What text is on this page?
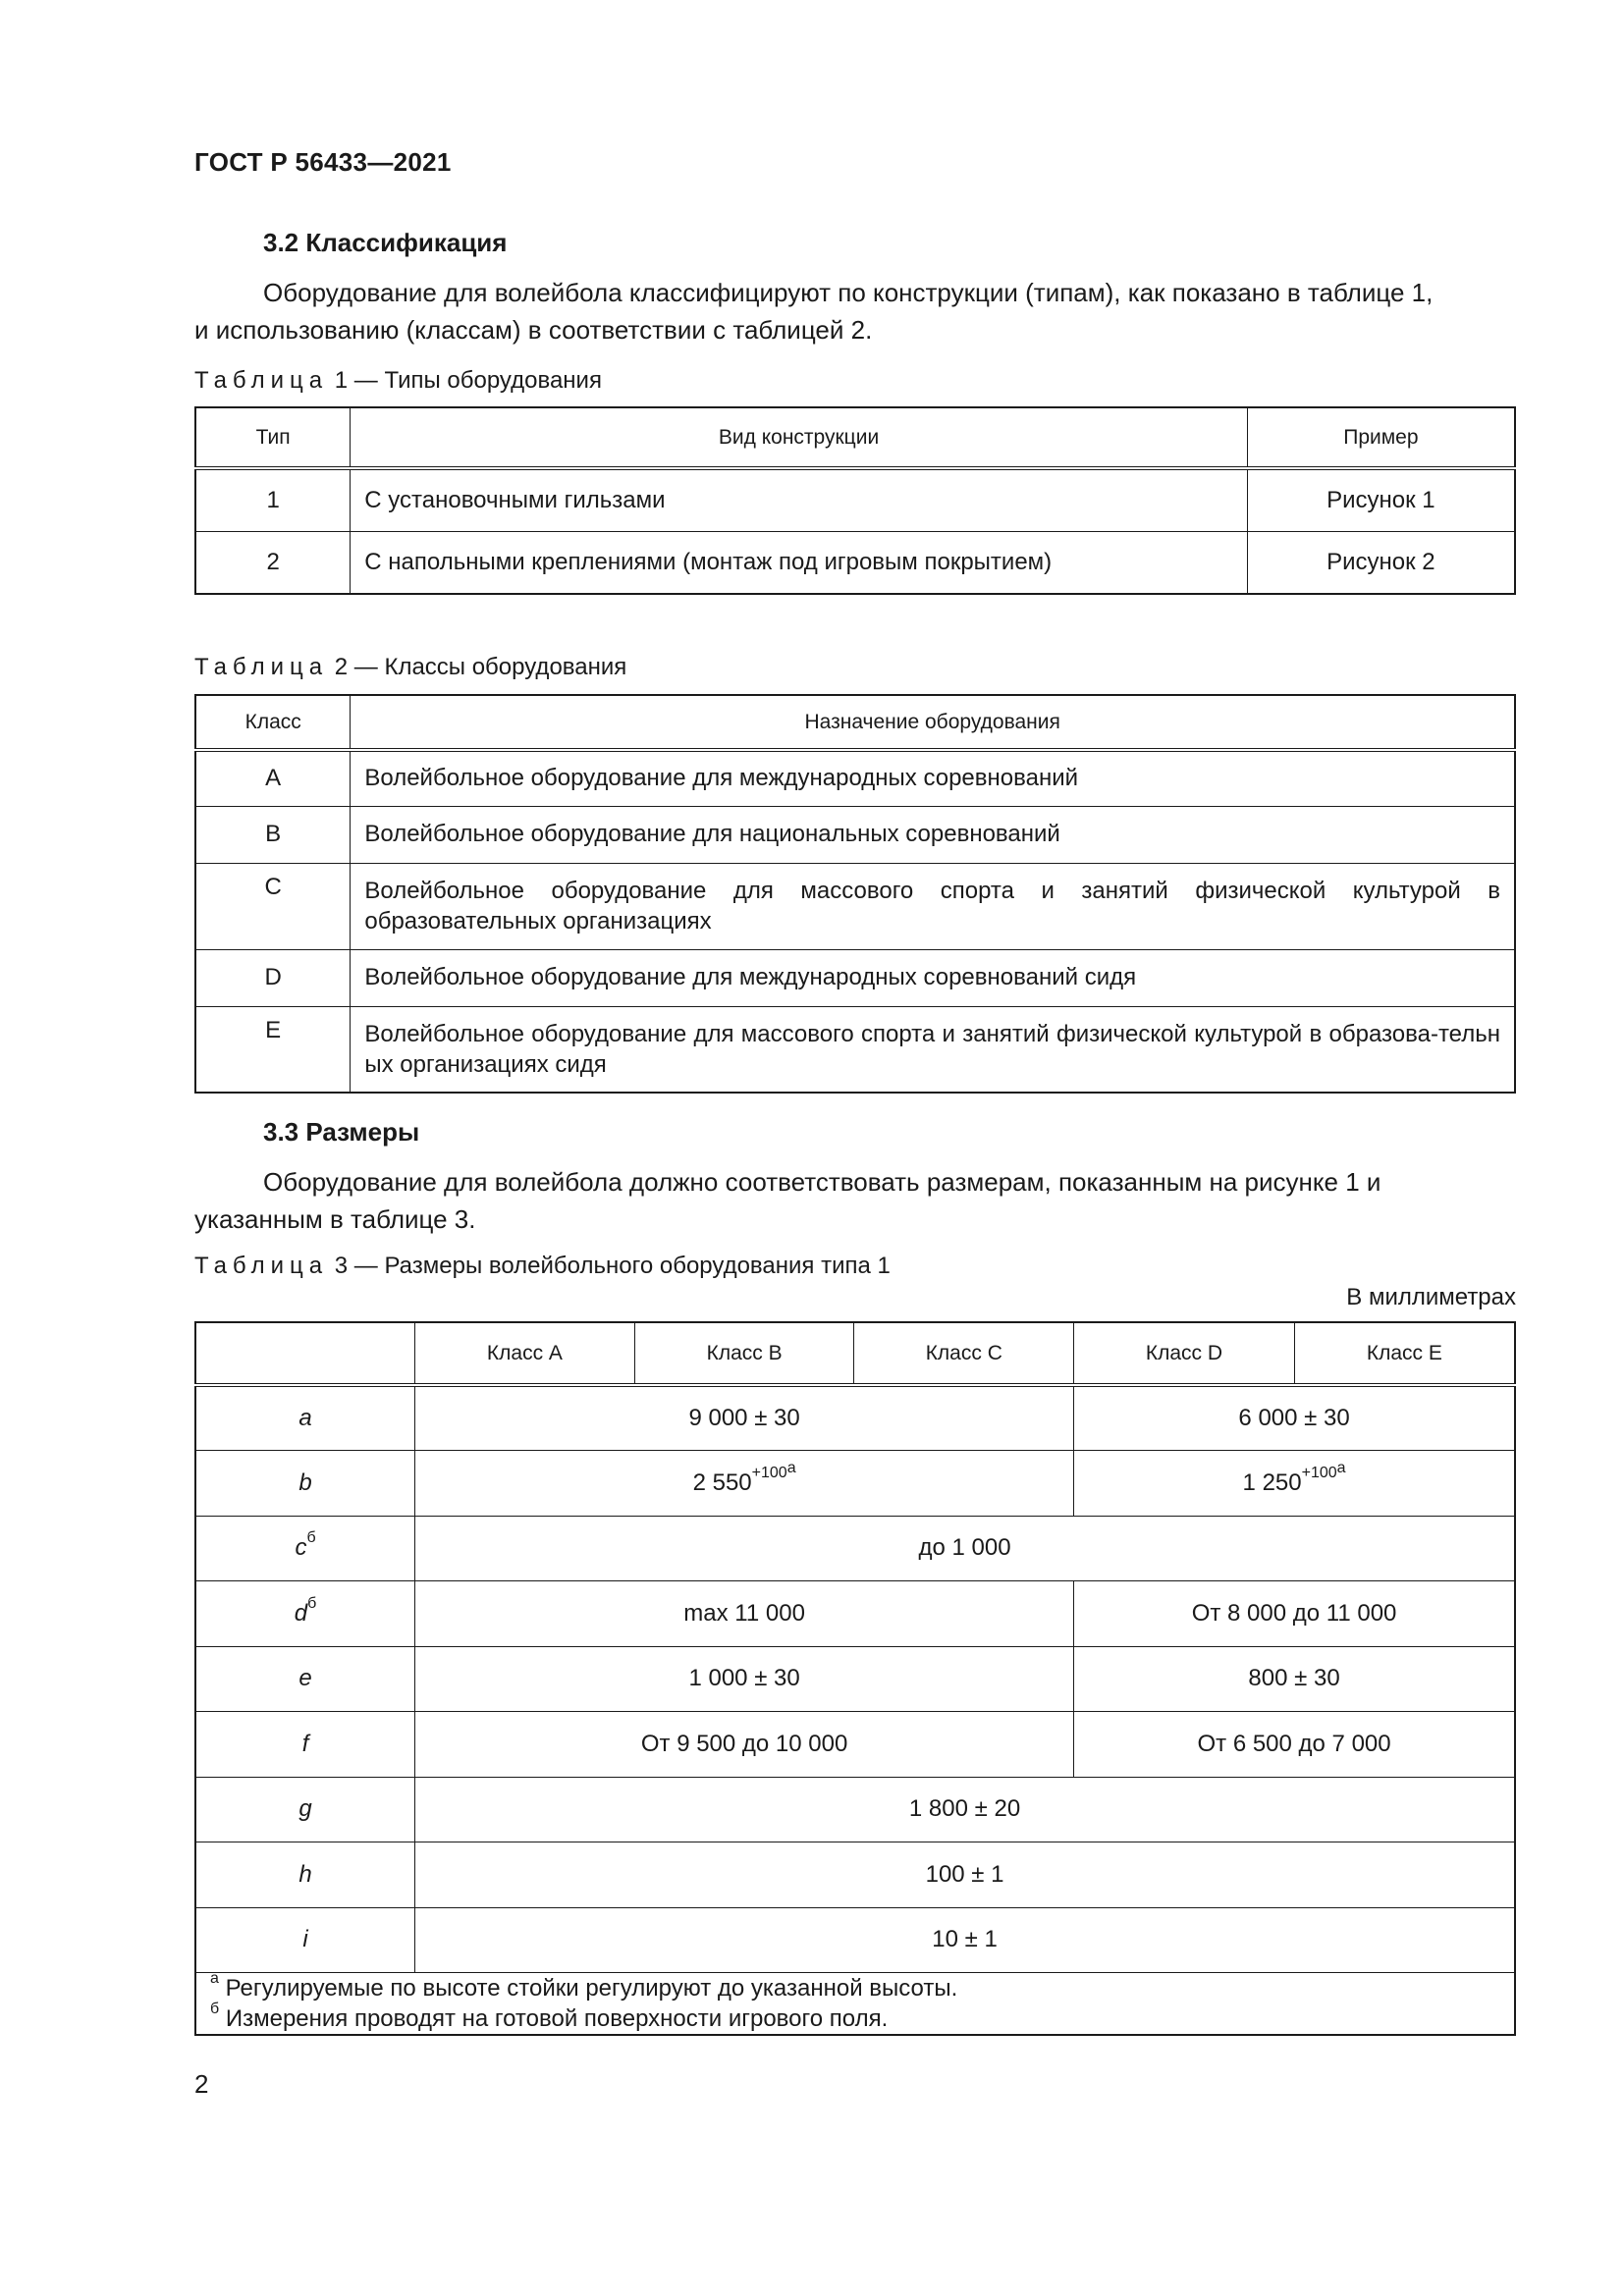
ГОСТ Р 56433—2021
3.2 Классификация
Оборудование для волейбола классифицируют по конструкции (типам), как показано в таблице 1,
и использованию (классам) в соответствии с таблицей 2.
Таблица 1 — Типы оборудования
Тип	Вид конструкции	Пример
1	С установочными гильзами	Рисунок 1
2	С напольными креплениями (монтаж под игровым покрытием)	Рисунок 2
Таблица 2 — Классы оборудования
Класс	Назначение оборудования
A	Волейбольное оборудование для международных соревнований
B	Волейбольное оборудование для национальных соревнований
C	Волейбольное оборудование для массового спорта и занятий физической культурой в образовательных организациях
D	Волейбольное оборудование для международных соревнований сидя
E	Волейбольное оборудование для массового спорта и занятий физической культурой в образова-тельных организациях сидя
3.3 Размеры
Оборудование для волейбола должно соответствовать размерам, показанным на рисунке 1 и
указанным в таблице 3.
Таблица 3 — Размеры волейбольного оборудования типа 1
В миллиметрах
	Класс A	Класс B	Класс C	Класс D	Класс E
a	9 000 ± 30			6 000 ± 30	
b	2 $550^{+100а}$			1 $250^{+100а}$
$c^б$	до 1 000				
$d^б$	max 11 000			От 8 000 до 11 000	
e	1 000 ± 30			800 ± 30	
f	От 9 500 до 10 000			От 6 500 до 7 000	
g	1 800 ± 20				
h	100 ± 1				
i	10 ± 1				

$^а$ Регулируемые по высоте стойки регулируют до указанной высоты.
$^б$ Измерения проводят на готовой поверхности игрового поля.					
2
